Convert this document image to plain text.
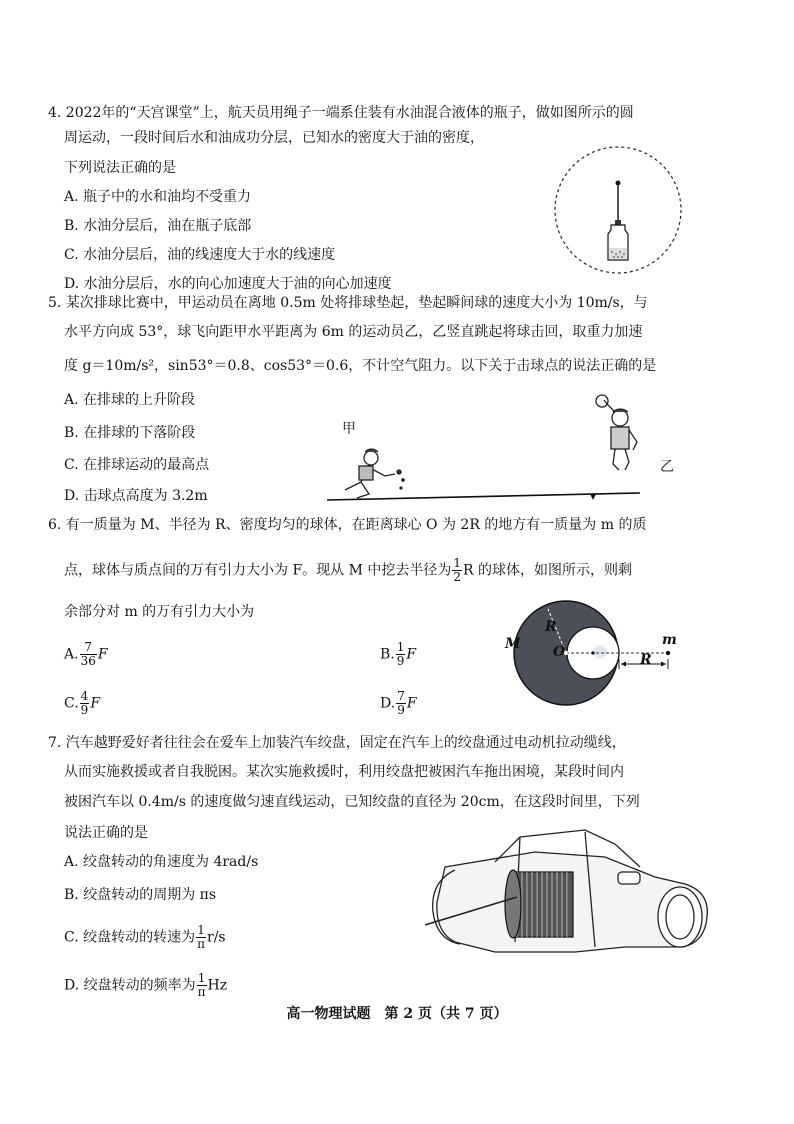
4. 2022年的“天宫课堂”上，航天员用绳子一端系住装有水油混合液体的瓶子，做如图所示的圆
周运动，一段时间后水和油成功分层，已知水的密度大于油的密度，
下列说法正确的是
A. 瓶子中的水和油均不受重力
B. 水油分层后，油在瓶子底部
C. 水油分层后，油的线速度大于水的线速度
D. 水油分层后，水的向心加速度大于油的向心加速度
5. 某次排球比赛中，甲运动员在离地 0.5m 处将排球垫起，垫起瞬间球的速度大小为 10m/s，与
水平方向成 53°，球飞向距甲水平距离为 6m 的运动员乙，乙竖直跳起将球击回，取重力加速
度 g＝10m/s²，sin53°＝0.8、cos53°＝0.6，不计空气阻力。以下关于击球点的说法正确的是
A. 在排球的上升阶段
B. 在排球的下落阶段
C. 在排球运动的最高点
D. 击球点高度为 3.2m
甲
乙
6. 有一质量为 M、半径为 R、密度均匀的球体，在距离球心 O 为 2R 的地方有一质量为 m 的质
点，球体与质点间的万有引力大小为 F。现从 M 中挖去半径为 $\frac{1}{2}$ R 的球体，如图所示，则剩
余部分对 m 的万有引力大小为
A. $\frac{7}{36}$ F	B. $\frac{1}{9}$ F
C. $\frac{4}{9}$ F	D. $\frac{7}{9}$ F
M
R
O
m
R
7. 汽车越野爱好者往往会在爱车上加装汽车绞盘，固定在汽车上的绞盘通过电动机拉动缆线，
从而实施救援或者自我脱困。某次实施救援时，利用绞盘把被困汽车拖出困境，某段时间内
被困汽车以 0.4m/s 的速度做匀速直线运动，已知绞盘的直径为 20cm，在这段时间里，下列
说法正确的是
A. 绞盘转动的角速度为 4rad/s
B. 绞盘转动的周期为 πs
C. 绞盘转动的转速为 $\frac{1}{\pi} r/s$
D. 绞盘转动的频率为 $\frac{1}{\pi}$ Hz
高一物理试题　第 2 页（共 7 页）
